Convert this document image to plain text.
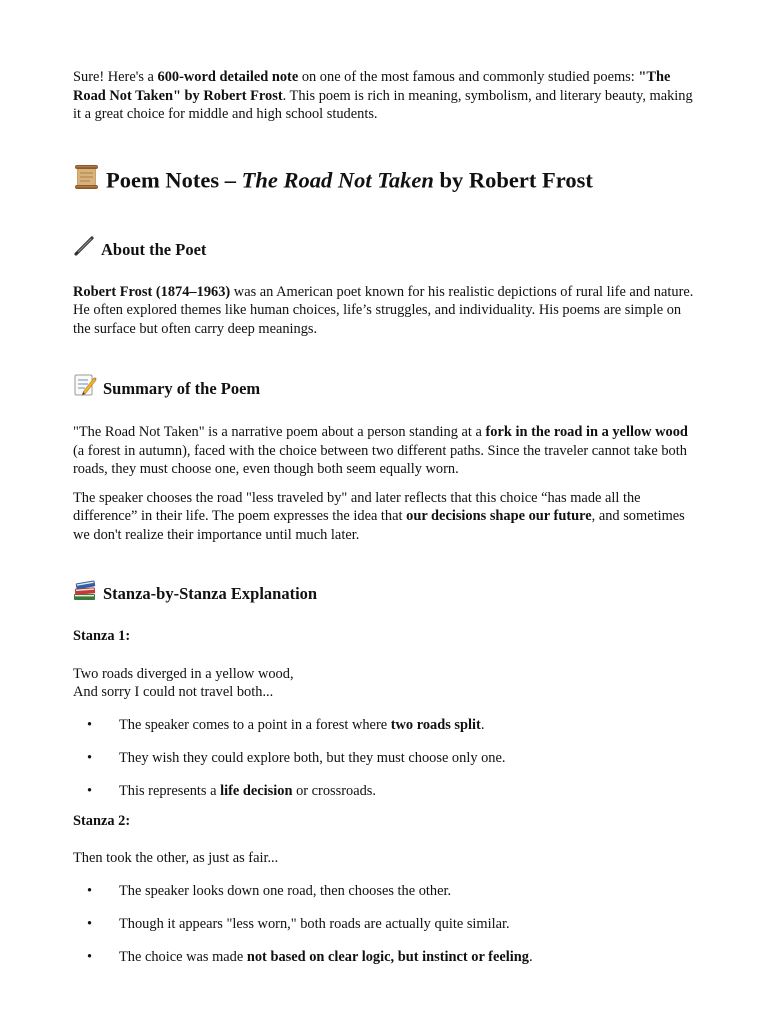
Sure! Here's a 600-word detailed note on one of the most famous and commonly studied poems: "The Road Not Taken" by Robert Frost. This poem is rich in meaning, symbolism, and literary beauty, making it a great choice for middle and high school students.

Poem Notes – The Road Not Taken by Robert Frost
About the Poet

Robert Frost (1874–1963) was an American poet known for his realistic depictions of rural life and nature. He often explored themes like human choices, life’s struggles, and individuality. His poems are simple on the surface but often carry deep meanings.

Summary of the Poem

"The Road Not Taken" is a narrative poem about a person standing at a fork in the road in a yellow wood (a forest in autumn), faced with the choice between two different paths. Since the traveler cannot take both roads, they must choose one, even though both seem equally worn.

The speaker chooses the road "less traveled by" and later reflects that this choice “has made all the difference” in their life. The poem expresses the idea that our decisions shape our future, and sometimes we don't realize their importance until much later.

Stanza-by-Stanza Explanation

Stanza 1:

Two roads diverged in a yellow wood,
And sorry I could not travel both...

• The speaker comes to a point in a forest where two roads split.
• They wish they could explore both, but they must choose only one.
• This represents a life decision or crossroads.

Stanza 2:

Then took the other, as just as fair...

• The speaker looks down one road, then chooses the other.
• Though it appears "less worn," both roads are actually quite similar.
• The choice was made not based on clear logic, but instinct or feeling.
